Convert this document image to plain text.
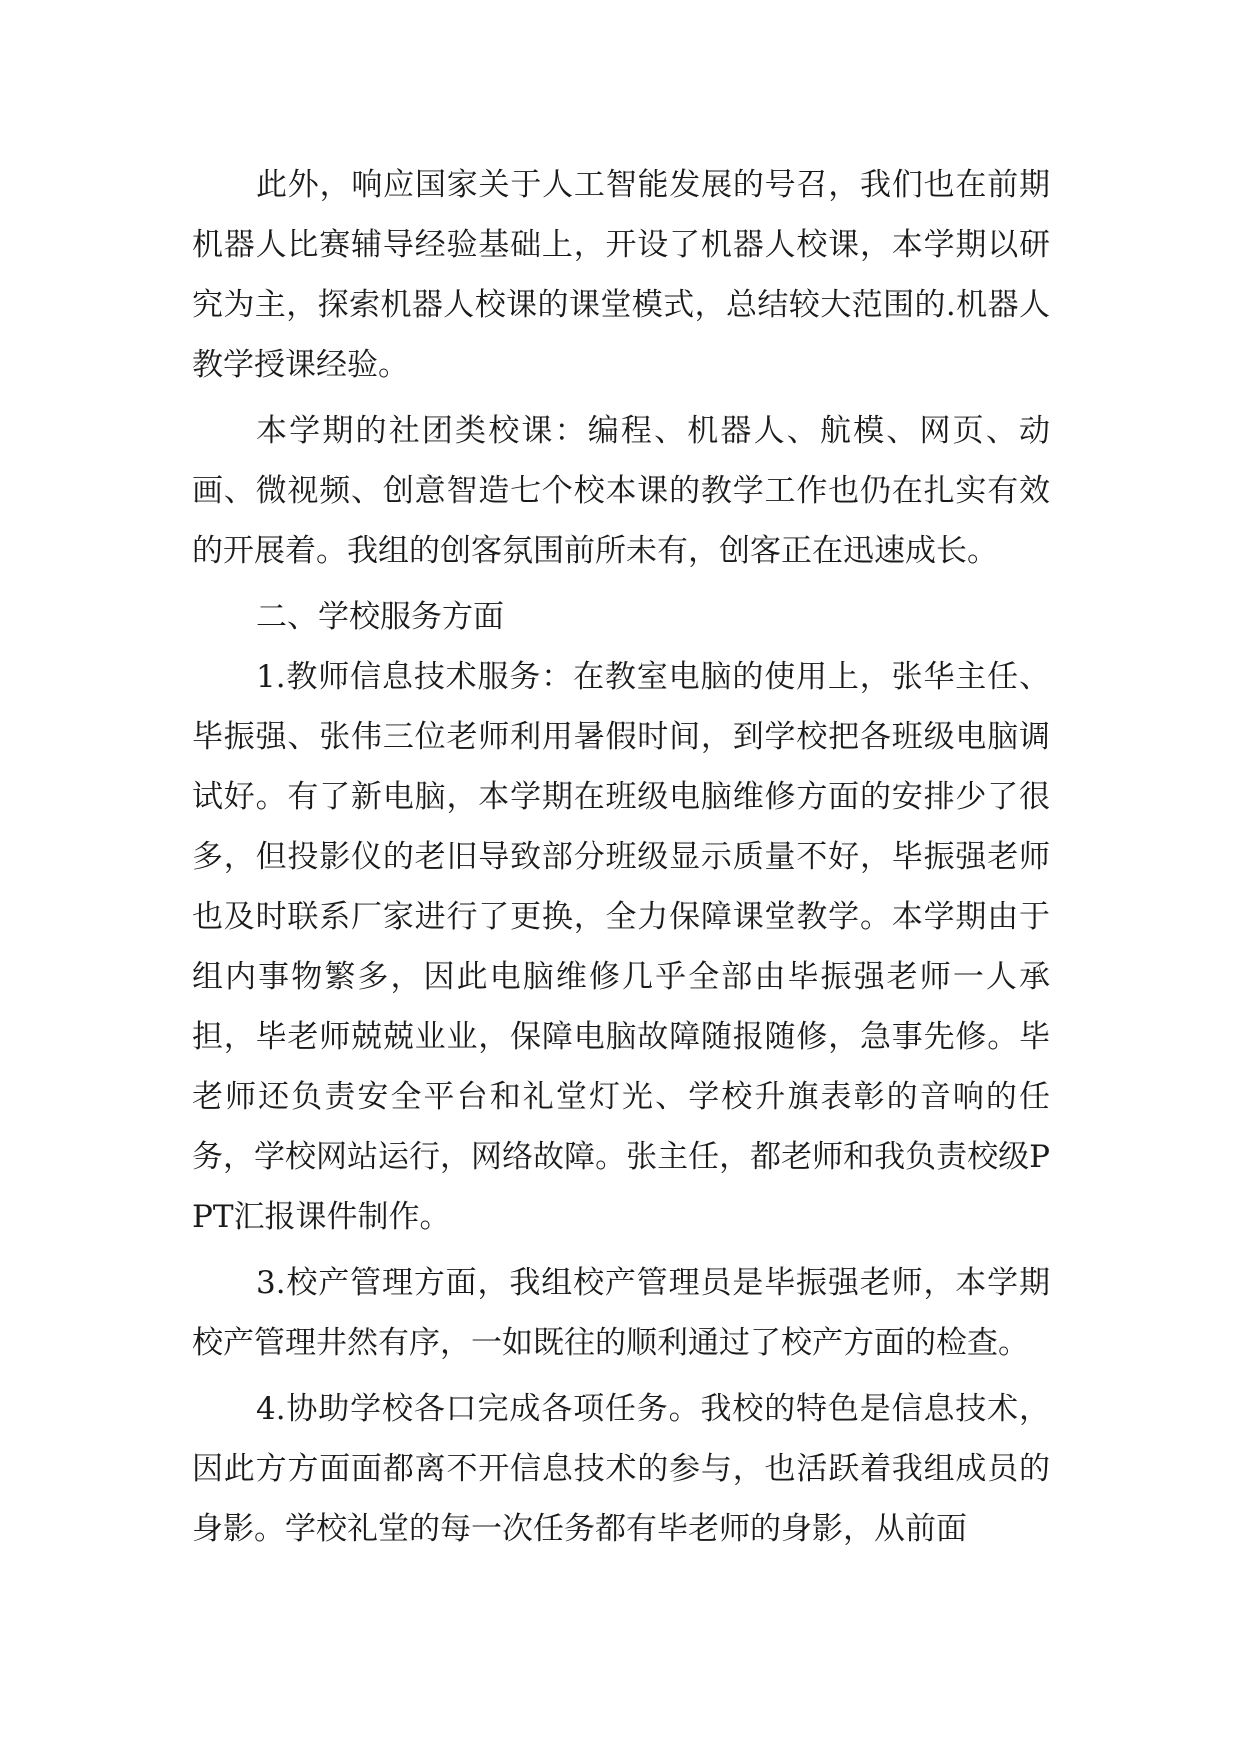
此外，响应国家关于人工智能发展的号召，我们也在前期机器人比赛辅导经验基础上，开设了机器人校课，本学期以研究为主，探索机器人校课的课堂模式，总结较大范围的.机器人教学授课经验。

本学期的社团类校课：编程、机器人、航模、网页、动画、微视频、创意智造七个校本课的教学工作也仍在扎实有效的开展着。我组的创客氛围前所未有，创客正在迅速成长。

二、学校服务方面

1.教师信息技术服务：在教室电脑的使用上，张华主任、毕振强、张伟三位老师利用暑假时间，到学校把各班级电脑调试好。有了新电脑，本学期在班级电脑维修方面的安排少了很多，但投影仪的老旧导致部分班级显示质量不好，毕振强老师也及时联系厂家进行了更换，全力保障课堂教学。本学期由于组内事物繁多，因此电脑维修几乎全部由毕振强老师一人承担，毕老师兢兢业业，保障电脑故障随报随修，急事先修。毕老师还负责安全平台和礼堂灯光、学校升旗表彰的音响的任务，学校网站运行，网络故障。张主任，都老师和我负责校级PPT汇报课件制作。

3.校产管理方面，我组校产管理员是毕振强老师，本学期校产管理井然有序，一如既往的顺利通过了校产方面的检查。

4.协助学校各口完成各项任务。我校的特色是信息技术，因此方方面面都离不开信息技术的参与，也活跃着我组成员的身影。学校礼堂的每一次任务都有毕老师的身影，从前面
